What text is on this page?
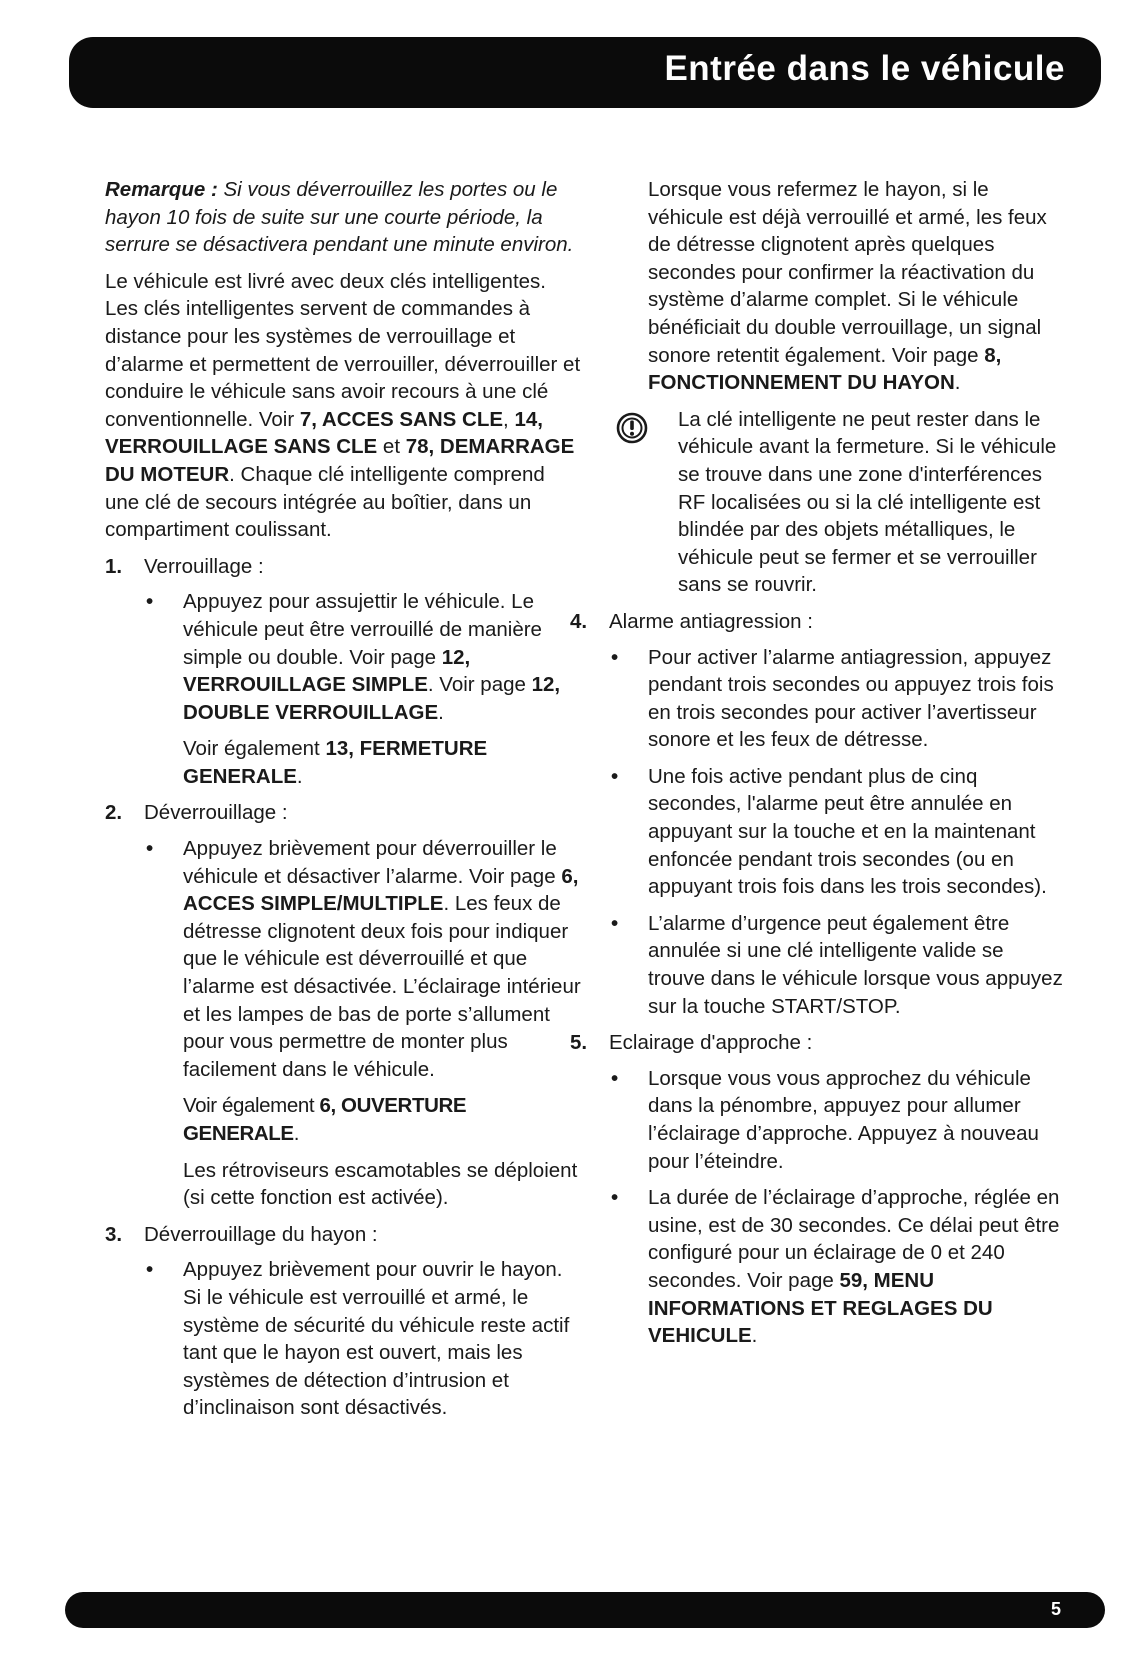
Entrée dans le véhicule

Remarque : Si vous déverrouillez les portes ou le hayon 10 fois de suite sur une courte période, la serrure se désactivera pendant une minute environ.

Le véhicule est livré avec deux clés intelligentes. Les clés intelligentes servent de commandes à distance pour les systèmes de verrouillage et d’alarme et permettent de verrouiller, déverrouiller et conduire le véhicule sans avoir recours à une clé conventionnelle. Voir 7, ACCES SANS CLE, 14, VERROUILLAGE SANS CLE et 78, DEMARRAGE DU MOTEUR. Chaque clé intelligente comprend une clé de secours intégrée au boîtier, dans un compartiment coulissant.

1. Verrouillage :
• Appuyez pour assujettir le véhicule. Le véhicule peut être verrouillé de manière simple ou double. Voir page 12, VERROUILLAGE SIMPLE. Voir page 12, DOUBLE VERROUILLAGE.

Voir également 13, FERMETURE GENERALE.

2. Déverrouillage :
• Appuyez brièvement pour déverrouiller le véhicule et désactiver l’alarme. Voir page 6, ACCES SIMPLE/MULTIPLE. Les feux de détresse clignotent deux fois pour indiquer que le véhicule est déverrouillé et que l’alarme est désactivée. L’éclairage intérieur et les lampes de bas de porte s’allument pour vous permettre de monter plus facilement dans le véhicule.

Voir également 6, OUVERTURE GENERALE.

Les rétroviseurs escamotables se déploient (si cette fonction est activée).

3. Déverrouillage du hayon :
• Appuyez brièvement pour ouvrir le hayon. Si le véhicule est verrouillé et armé, le système de sécurité du véhicule reste actif tant que le hayon est ouvert, mais les systèmes de détection d’intrusion et d’inclinaison sont désactivés.

Lorsque vous refermez le hayon, si le véhicule est déjà verrouillé et armé, les feux de détresse clignotent après quelques secondes pour confirmer la réactivation du système d’alarme complet. Si le véhicule bénéficiait du double verrouillage, un signal sonore retentit également. Voir page 8, FONCTIONNEMENT DU HAYON.

La clé intelligente ne peut rester dans le véhicule avant la fermeture. Si le véhicule se trouve dans une zone d'interférences RF localisées ou si la clé intelligente est blindée par des objets métalliques, le véhicule peut se fermer et se verrouiller sans se rouvrir.
4. Alarme antiagression :
• Pour activer l’alarme antiagression, appuyez pendant trois secondes ou appuyez trois fois en trois secondes pour activer l’avertisseur sonore et les feux de détresse.
• Une fois active pendant plus de cinq secondes, l'alarme peut être annulée en appuyant sur la touche et en la maintenant enfoncée pendant trois secondes (ou en appuyant trois fois dans les trois secondes).
• L’alarme d’urgence peut également être annulée si une clé intelligente valide se trouve dans le véhicule lorsque vous appuyez sur la touche START/STOP.
5. Eclairage d'approche :
• Lorsque vous vous approchez du véhicule dans la pénombre, appuyez pour allumer l’éclairage d’approche. Appuyez à nouveau pour l’éteindre.
• La durée de l’éclairage d’approche, réglée en usine, est de 30 secondes. Ce délai peut être configuré pour un éclairage de 0 et 240 secondes. Voir page 59, MENU INFORMATIONS ET REGLAGES DU VEHICULE.
5
